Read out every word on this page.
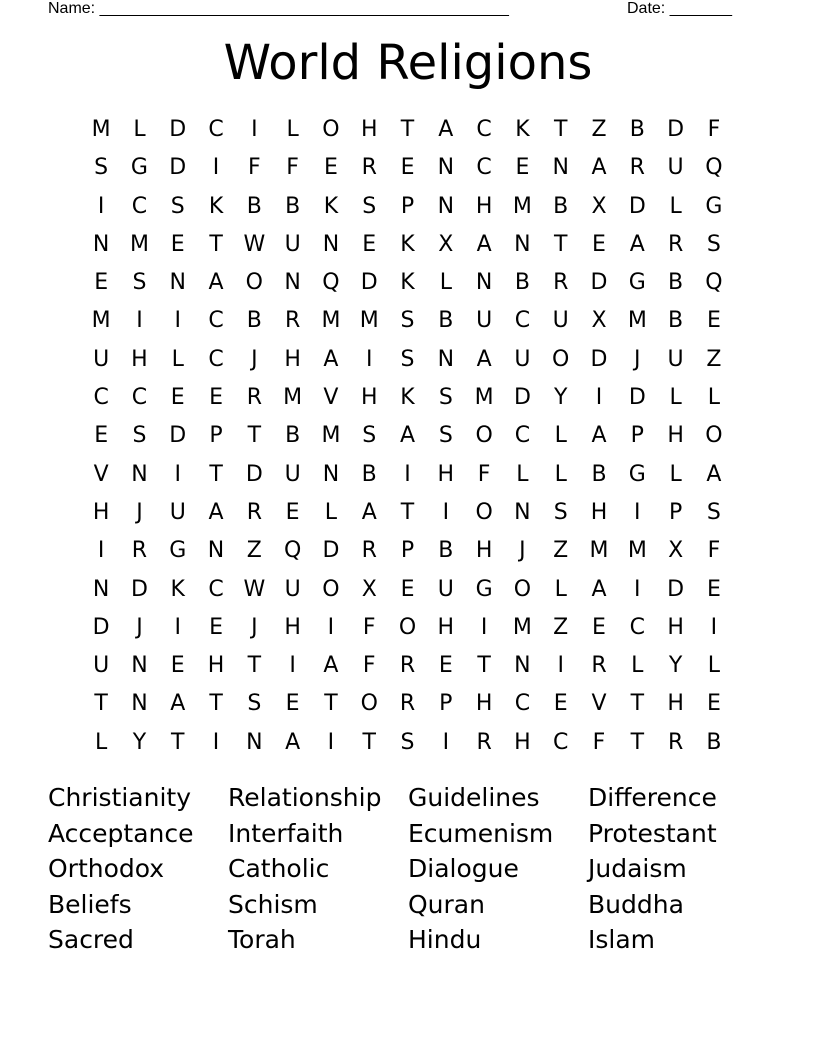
Name: ______________________________________________	Date: _______
World Religions
M	L	D	C	I	L	O H	T	A	C	K	T	Z	B	D	F
S	G D	I	F	F	E	R	E	N	C	E	N	A	R	U Q
I	C	S	K	B	B	K	S	P	N H M B	X	D	L	G
N M E	T W U	N	E	K	X	A	N	T	E	A	R	S
E	S	N	A	O N Q D	K	L	N	B	R	D G	B	Q
M	I	I	C	B	R M M S	B	U	C	U	X M B	E
U H	L	C	J	H	A	I	S	N	A	U O D	J	U	Z
C	C	E	E	R M V	H	K	S M D	Y	I	D	L	L
E	S	D	P	T	B M S	A	S	O C	L	A	P	H O
V	N	I	T	D U	N	B	I	H	F	L	L	B	G	L	A
H	J	U	A	R	E	L	A	T	I	O N	S	H	I	P	S
I	R	G N	Z	Q D	R	P	B	H	J	Z M M X	F
N D	K	C W U O	X	E	U G O	L	A	I	D	E
D	J	I	E	J	H	I	F	O H	I	M Z	E	C	H	I
U	N	E	H	T	I	A	F	R	E	T	N	I	R	L	Y	L
T	N	A	T	S	E	T	O R	P	H	C	E	V	T	H	E
L	Y	T	I	N	A	I	T	S	I	R	H	C	F	T	R	B
Christianity	Relationship	Guidelines	Difference
Acceptance	Interfaith	Ecumenism	Protestant
Orthodox	Catholic	Dialogue	Judaism
Beliefs	Schism	Quran	Buddha
Sacred	Torah	Hindu	Islam
